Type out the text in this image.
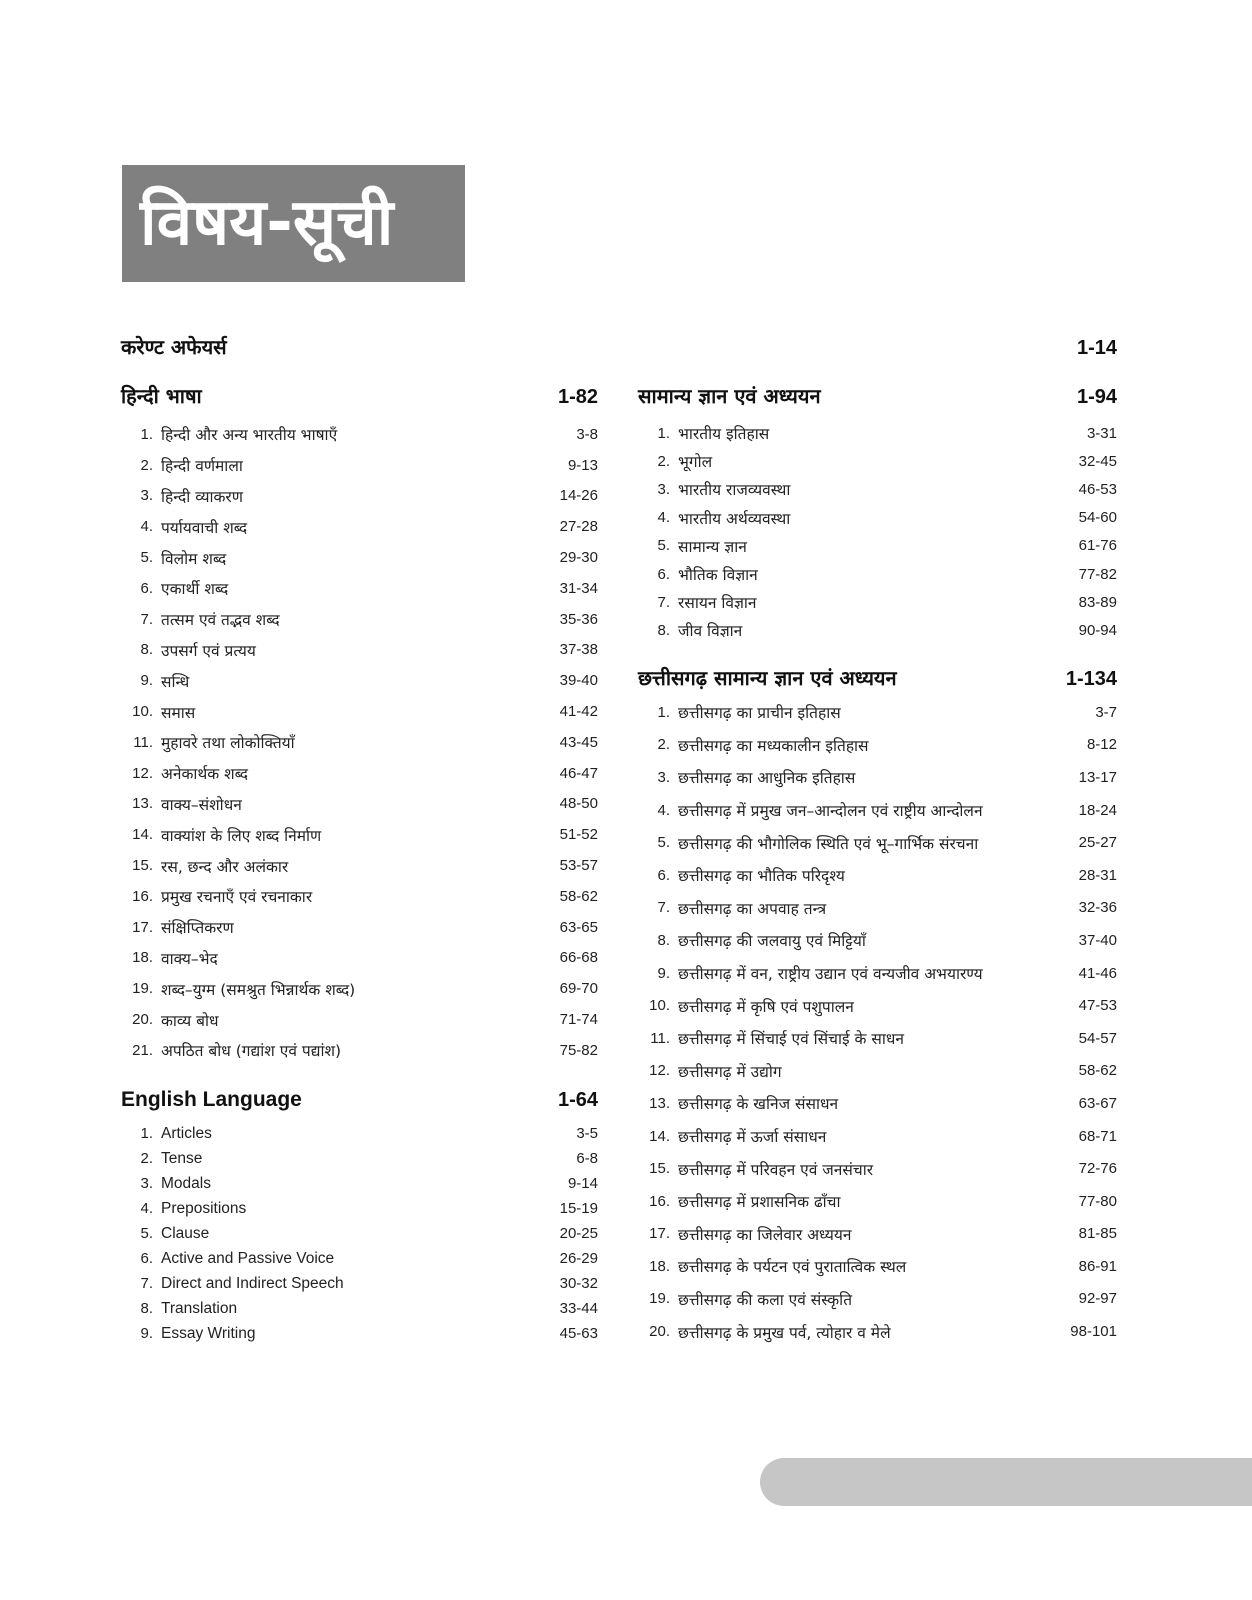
विषय-सूची
करेण्ट अफेयर्स	1-14
हिन्दी भाषा	1-82
1. हिन्दी और अन्य भारतीय भाषाएँ	3-8
2. हिन्दी वर्णमाला	9-13
3. हिन्दी व्याकरण	14-26
4. पर्यायवाची शब्द	27-28
5. विलोम शब्द	29-30
6. एकार्थी शब्द	31-34
7. तत्सम एवं तद्भव शब्द	35-36
8. उपसर्ग एवं प्रत्यय	37-38
9. सन्धि	39-40
10. समास	41-42
11. मुहावरे तथा लोकोक्तियाँ	43-45
12. अनेकार्थक शब्द	46-47
13. वाक्य–संशोधन	48-50
14. वाक्यांश के लिए शब्द निर्माण	51-52
15. रस, छन्द और अलंकार	53-57
16. प्रमुख रचनाएँ एवं रचनाकार	58-62
17. संक्षिप्तिकरण	63-65
18. वाक्य–भेद	66-68
19. शब्द–युग्म (समश्रुत भिन्नार्थक शब्द)	69-70
20. काव्य बोध	71-74
21. अपठित बोध (गद्यांश एवं पद्यांश)	75-82
English Language	1-64
1. Articles	3-5
2. Tense	6-8
3. Modals	9-14
4. Prepositions	15-19
5. Clause	20-25
6. Active and Passive Voice	26-29
7. Direct and Indirect Speech	30-32
8. Translation	33-44
9. Essay Writing	45-63
सामान्य ज्ञान एवं अध्ययन	1-94
1. भारतीय इतिहास	3-31
2. भूगोल	32-45
3. भारतीय राजव्यवस्था	46-53
4. भारतीय अर्थव्यवस्था	54-60
5. सामान्य ज्ञान	61-76
6. भौतिक विज्ञान	77-82
7. रसायन विज्ञान	83-89
8. जीव विज्ञान	90-94
छत्तीसगढ़ सामान्य ज्ञान एवं अध्ययन	1-134
1. छत्तीसगढ़ का प्राचीन इतिहास	3-7
2. छत्तीसगढ़ का मध्यकालीन इतिहास	8-12
3. छत्तीसगढ़ का आधुनिक इतिहास	13-17
4. छत्तीसगढ़ में प्रमुख जन–आन्दोलन एवं राष्ट्रीय आन्दोलन	18-24
5. छत्तीसगढ़ की भौगोलिक स्थिति एवं भू–गार्भिक संरचना	25-27
6. छत्तीसगढ़ का भौतिक परिदृश्य	28-31
7. छत्तीसगढ़ का अपवाह तन्त्र	32-36
8. छत्तीसगढ़ की जलवायु एवं मिट्टियाँ	37-40
9. छत्तीसगढ़ में वन, राष्ट्रीय उद्यान एवं वन्यजीव अभयारण्य	41-46
10. छत्तीसगढ़ में कृषि एवं पशुपालन	47-53
11. छत्तीसगढ़ में सिंचाई एवं सिंचाई के साधन	54-57
12. छत्तीसगढ़ में उद्योग	58-62
13. छत्तीसगढ़ के खनिज संसाधन	63-67
14. छत्तीसगढ़ में ऊर्जा संसाधन	68-71
15. छत्तीसगढ़ में परिवहन एवं जनसंचार	72-76
16. छत्तीसगढ़ में प्रशासनिक ढाँचा	77-80
17. छत्तीसगढ़ का जिलेवार अध्ययन	81-85
18. छत्तीसगढ़ के पर्यटन एवं पुरातात्विक स्थल	86-91
19. छत्तीसगढ़ की कला एवं संस्कृति	92-97
20. छत्तीसगढ़ के प्रमुख पर्व, त्योहार व मेले	98-101
